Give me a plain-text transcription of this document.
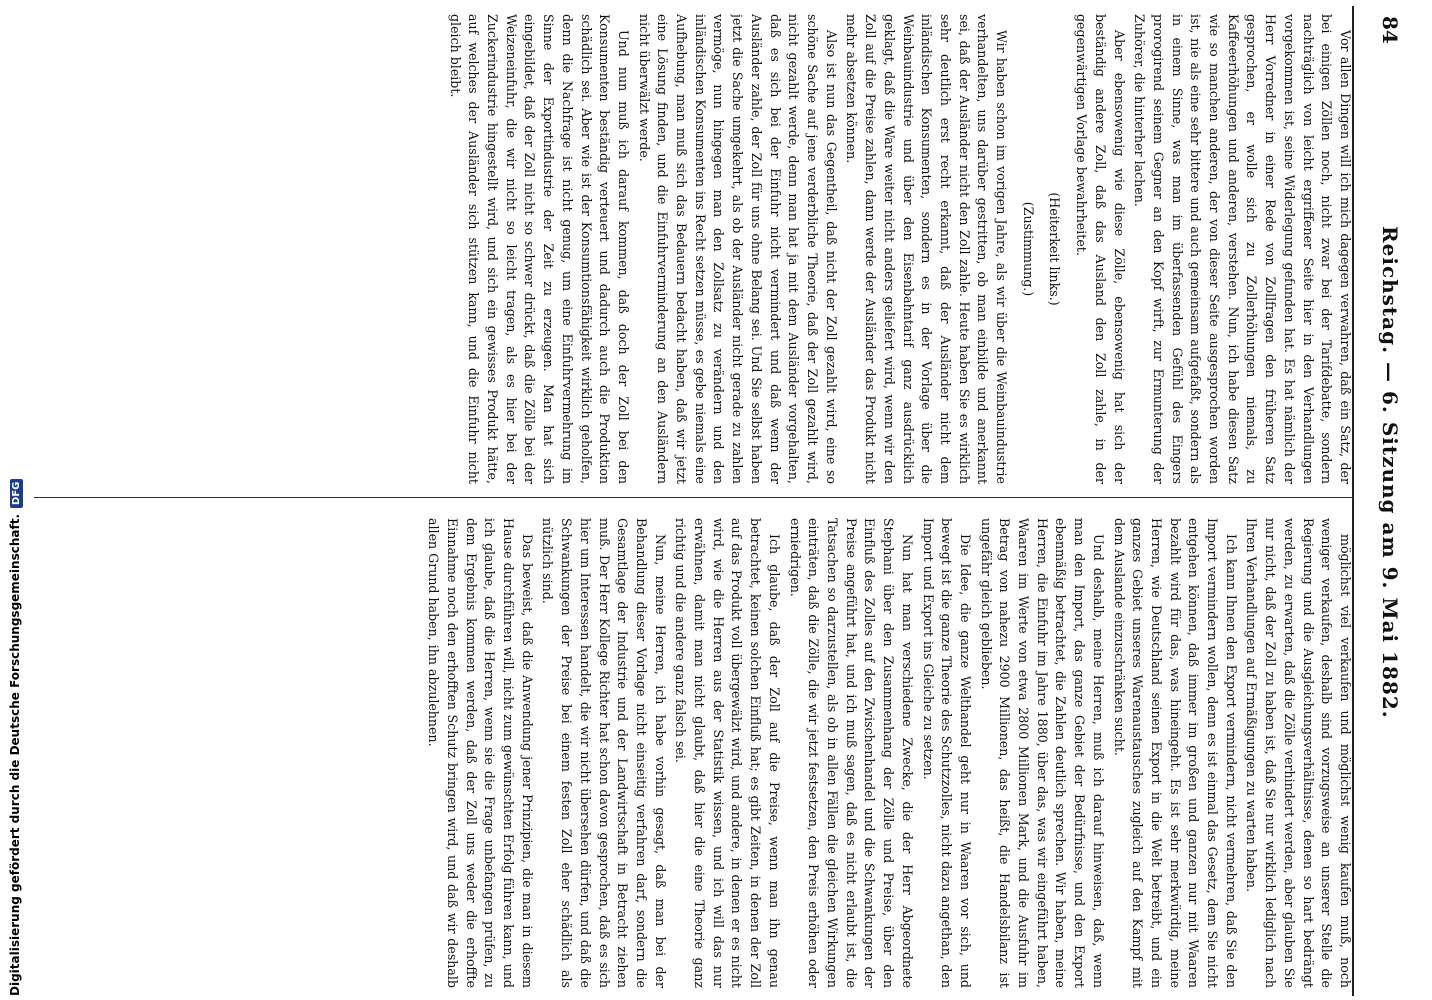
84
Reichstag. — 6. Sitzung am 9. Mai 1882.

Vor allen Dingen will ich mich dagegen verwahren, daß ein Satz, der bei einigen Zöllen noch, nicht zwar bei der Tarifdebatte, sondern nachträglich von leicht ergriffener Seite hier in den Verhandlungen vorgekommen ist, seine Widerlegung gefunden hat. Es hat nämlich der Herr Vorredner in einer Rede von Zollfragen den früheren Satz gesprochen, er wolle sich zu Zollerhöhungen niemals, zu Kaffeeerhöhungen und anderen, verstehen. Nun, ich habe diesen Satz wie so manchen anderen, der von dieser Seite ausgesprochen worden ist, nie als eine sehr bittere und auch gemeinsam aufgefaßt, sondern als in einem Sinne, was man im überfassenden Gefühl des Eingers prorogirend seinem Gegner an den Kopf wirft, zur Ermunterung der Zuhörer, die hinterher lachen.

Aber ebensowenig wie diese Zölle, ebensowenig hat sich der beständig andere Zoll, daß das Ausland den Zoll zahle, in der gegenwärtigen Vorlage bewahrheitet.

(Heiterkeit links.)

(Zustimmung.)

Wir haben schon im vorigen Jahre, als wir über die Weinbauindustrie verhandelten, uns darüber gestritten, ob man einbilde und anerkannt sei, daß der Ausländer nicht den Zoll zahle. Heute haben Sie es wirklich sehr deutlich erst recht erkannt, daß der Ausländer nicht dem inländischen Konsumenten, sondern es in der Vorlage über die Weinbauindustrie und über den Eisenbahntarif ganz ausdrücklich geklagt, daß die Ware weiter nicht anders geliefert wird, wenn wir den Zoll auf die Preise zahlen, dann werde der Ausländer das Produkt nicht mehr absetzen können.

Also ist nun das Gegentheil, daß nicht der Zoll gezahlt wird, eine so schöne Sache auf jene verderbliche Theorie, daß der Zoll gezahlt wird, nicht gezahlt werde, denn man hat ja mit dem Ausländer vorgehalten, daß es sich bei der Einfuhr nicht vermindert und daß wenn der Ausländer zahle, der Zoll für uns ohne Belang sei. Und Sie selbst haben jetzt die Sache umgekehrt, als ob der Ausländer nicht gerade zu zahlen vermöge, nun hingegen man den Zollsatz zu verändern und den inländischen Konsumenten ins Recht setzen müsse, es gebe niemals eine Aufhebung, man muß sich das Bedauern bedacht haben, daß wir jetzt eine Lösung finden, und die Einfuhrverminderung an den Ausländern nicht überwälzt werde.

Und nun muß ich darauf kommen, daß doch der Zoll bei den Konsumenten beständig verteuert und dadurch auch die Produktion schädlich sei. Aber wie ist der Konsumtionsfähigkeit wirklich geholfen, denn die Nachfrage ist nicht genug, um eine Einfuhrvermehrung im Sinne der Exportindustrie der Zeit zu erzeugen. Man hat sich eingebildet, daß der Zoll nicht so schwer drückt, daß die Zölle bei der Weizeneinfuhr, die wir nicht so leicht tragen, als es hier bei der Zuckerindustrie hingestellt wird, und sich ein gewisses Produkt hätte, auf welches der Ausländer sich stützen kann, und die Einfuhr nicht gleich bleibt.

möglichst viel verkaufen und möglichst wenig kaufen muß, noch weniger verkaufen, deshalb sind vorzugsweise an unserer Stelle die Regierung und die Ausgleichungsverhältnisse, denen so hart bedrängt werden, zu erwarten, daß die Zölle verhindert werden, aber glauben Sie nur nicht, daß der Zoll zu haben ist, daß Sie nur wirklich lediglich nach Ihren Verhandlungen auf Ermäßigungen zu warten haben.

Ich kann Ihnen den Export vermindern, nicht vermehren, daß Sie den Import vermindern wollen, denn es ist einmal das Gesetz, dem Sie nicht entgehen können, daß immer im großen und ganzen nur mit Waaren bezahlt wird für das, was hineingeht. Es ist sehr merkwürdig, meine Herren, wie Deutschland seinen Export in die Welt betreibt, und ein ganzes Gebiet unseres Warenaustausches zugleich auf den Kampf mit dem Auslande einzuschränken sucht.

Und deshalb, meine Herren, muß ich darauf hinweisen, daß, wenn man den Import, das ganze Gebiet der Bedürfnisse, und den Export ebenmäßig betrachtet, die Zahlen deutlich sprechen. Wir haben, meine Herren, die Einfuhr im Jahre 1880, über das, was wir eingeführt haben, Waaren im Werte von etwa 2800 Millionen Mark, und die Ausfuhr im Betrag von nahezu 2900 Millionen, das heißt, die Handelsbilanz ist ungefähr gleich geblieben.

Die Idee, die ganze Welthandel geht nur in Waaren vor sich, und bewegt ist die ganze Theorie des Schutzzolles, nicht dazu angethan, den Import und Export ins Gleiche zu setzen.

Nun hat man verschiedene Zwecke, die der Herr Abgeordnete Stephani über den Zusammenhang der Zölle und Preise, über den Einfluß des Zolles auf den Zwischenhandel und die Schwankungen der Preise angeführt hat, und ich muß sagen, daß es nicht erlaubt ist, die Tatsachen so darzustellen, als ob in allen Fällen die gleichen Wirkungen einträten, daß die Zölle, die wir jetzt festsetzen, den Preis erhöhen oder erniedrigen.

Ich glaube, daß der Zoll auf die Preise, wenn man ihn genau betrachtet, keinen solchen Einfluß hat; es gibt Zeiten, in denen der Zoll auf das Produkt voll übergewälzt wird, und andere, in denen er es nicht wird, wie die Herren aus der Statistik wissen, und ich will das nur erwähnen, damit man nicht glaubt, daß hier die eine Theorie ganz richtig und die andere ganz falsch sei.

Nun, meine Herren, ich habe vorhin gesagt, daß man bei der Behandlung dieser Vorlage nicht einseitig verfahren darf, sondern die Gesamtlage der Industrie und der Landwirtschaft in Betracht ziehen muß. Der Herr Kollege Richter hat schon davon gesprochen, daß es sich hier um Interessen handelt, die wir nicht übersehen dürfen, und daß die Schwankungen der Preise bei einem festen Zoll eher schädlich als nützlich sind.

Das beweist, daß die Anwendung jener Prinzipien, die man in diesem Hause durchführen will, nicht zum gewünschten Erfolg führen kann, und ich glaube, daß die Herren, wenn sie die Frage unbefangen prüfen, zu dem Ergebnis kommen werden, daß der Zoll uns weder die erhoffte Einnahme noch den erhofften Schutz bringen wird, und daß wir deshalb allen Grund haben, ihn abzulehnen.

Digitalisierung gefördert durch die Deutsche Forschungsgemeinschaft.DFG
